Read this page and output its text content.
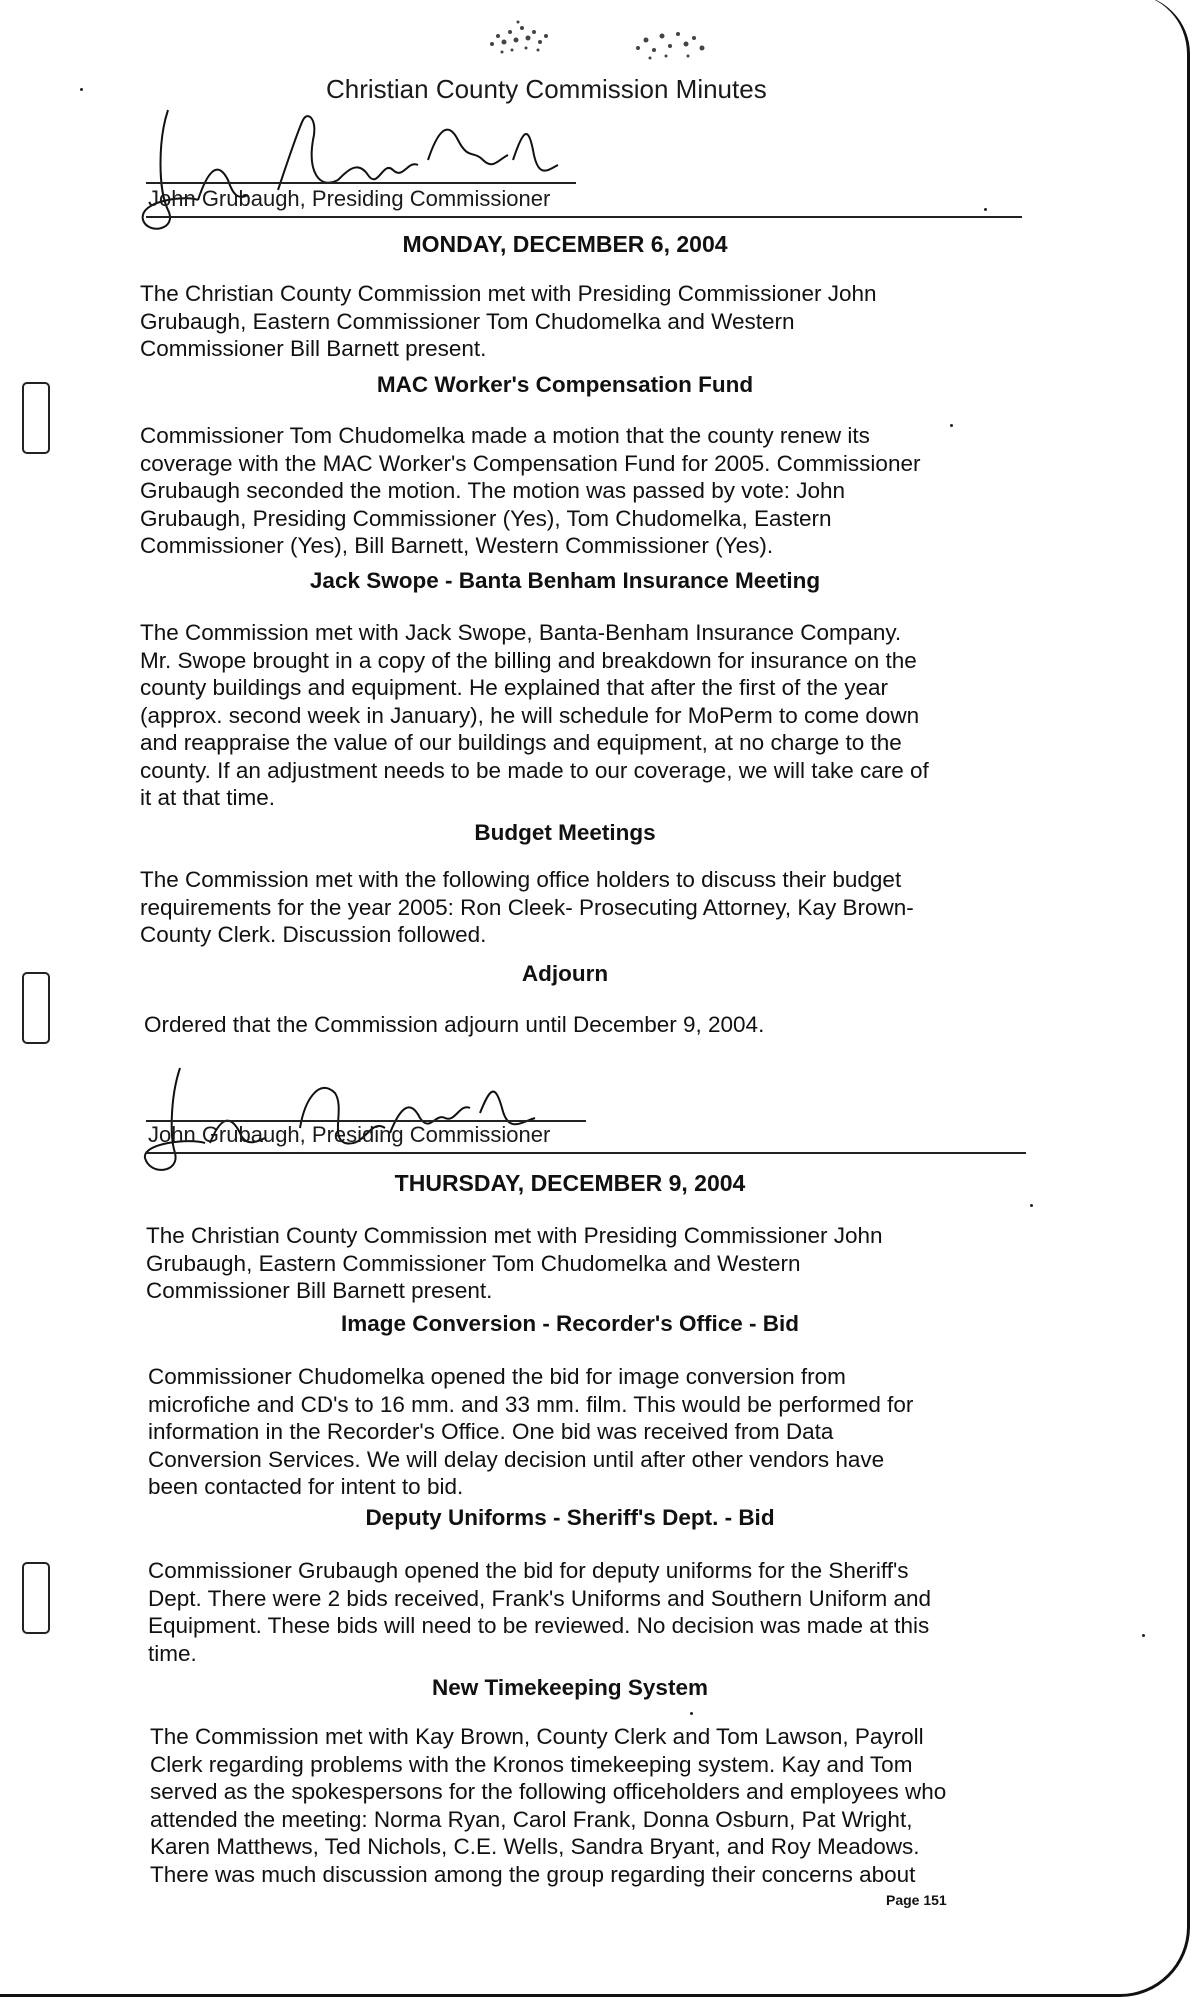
Christian County Commission Minutes
John Grubaugh, Presiding Commissioner
MONDAY, DECEMBER 6, 2004

The Christian County Commission met with Presiding Commissioner John

Grubaugh, Eastern Commissioner Tom Chudomelka and Western

Commissioner Bill Barnett present.

MAC Worker's Compensation Fund

Commissioner Tom Chudomelka made a motion that the county renew its

coverage with the MAC Worker's Compensation Fund for 2005. Commissioner

Grubaugh seconded the motion. The motion was passed by vote: John

Grubaugh, Presiding Commissioner (Yes), Tom Chudomelka, Eastern

Commissioner (Yes), Bill Barnett, Western Commissioner (Yes).

Jack Swope - Banta Benham Insurance Meeting

The Commission met with Jack Swope, Banta-Benham Insurance Company.

Mr. Swope brought in a copy of the billing and breakdown for insurance on the

county buildings and equipment. He explained that after the first of the year

(approx. second week in January), he will schedule for MoPerm to come down

and reappraise the value of our buildings and equipment, at no charge to the

county. If an adjustment needs to be made to our coverage, we will take care of

it at that time.

Budget Meetings

The Commission met with the following office holders to discuss their budget

requirements for the year 2005: Ron Cleek- Prosecuting Attorney, Kay Brown-

County Clerk. Discussion followed.

Adjourn

Ordered that the Commission adjourn until December 9, 2004.

John Grubaugh, Presiding Commissioner
THURSDAY, DECEMBER 9, 2004

The Christian County Commission met with Presiding Commissioner John

Grubaugh, Eastern Commissioner Tom Chudomelka and Western

Commissioner Bill Barnett present.

Image Conversion - Recorder's Office - Bid

Commissioner Chudomelka opened the bid for image conversion from

microfiche and CD's to 16 mm. and 33 mm. film. This would be performed for

information in the Recorder's Office. One bid was received from Data

Conversion Services. We will delay decision until after other vendors have

been contacted for intent to bid.

Deputy Uniforms - Sheriff's Dept. - Bid

Commissioner Grubaugh opened the bid for deputy uniforms for the Sheriff's

Dept. There were 2 bids received, Frank's Uniforms and Southern Uniform and

Equipment. These bids will need to be reviewed. No decision was made at this

time.

New Timekeeping System

The Commission met with Kay Brown, County Clerk and Tom Lawson, Payroll

Clerk regarding problems with the Kronos timekeeping system. Kay and Tom

served as the spokespersons for the following officeholders and employees who

attended the meeting: Norma Ryan, Carol Frank, Donna Osburn, Pat Wright,

Karen Matthews, Ted Nichols, C.E. Wells, Sandra Bryant, and Roy Meadows.

There was much discussion among the group regarding their concerns about

Page 151
